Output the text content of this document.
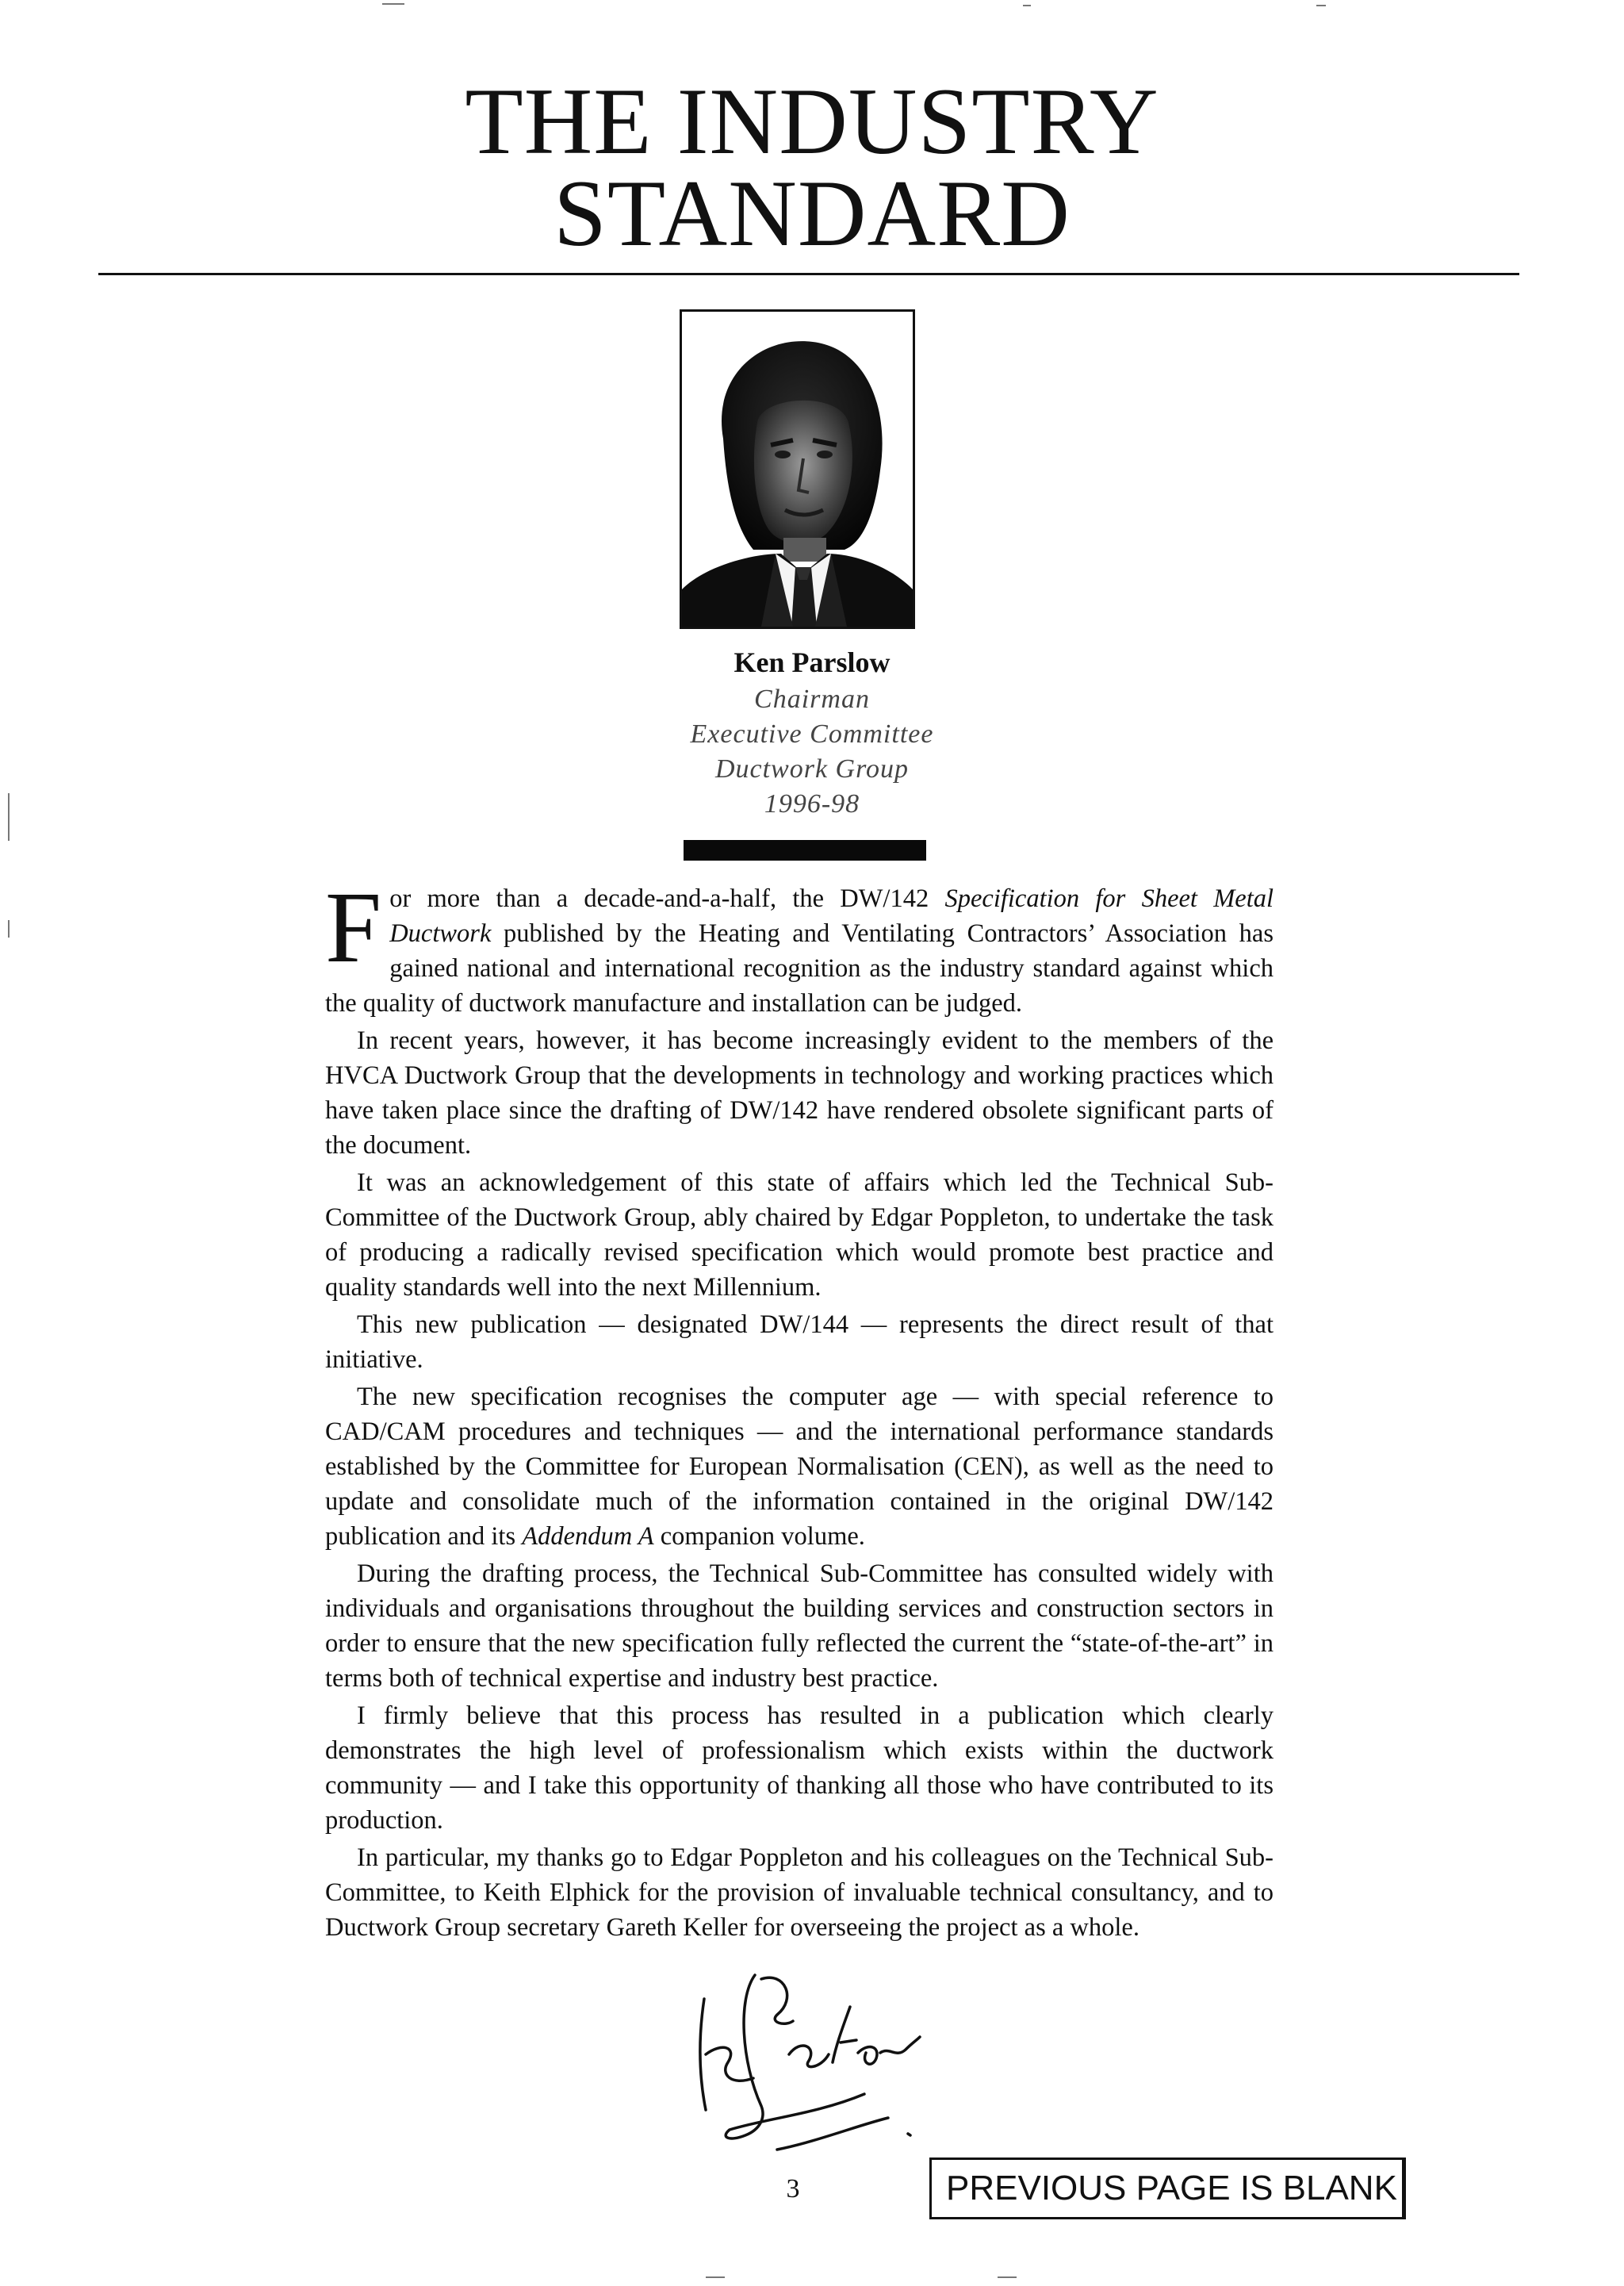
THE INDUSTRY
STANDARD
Ken Parslow
Chairman
Executive Committee
Ductwork Group
1996-98

For more than a decade-and-a-half, the DW/142 Specification for Sheet Metal Ductwork published by the Heating and Ventilating Contractors’ Association has gained national and international recognition as the industry standard against which the quality of ductwork manufacture and installation can be judged.

In recent years, however, it has become increasingly evident to the members of the HVCA Ductwork Group that the developments in technology and working practices which have taken place since the drafting of DW/142 have rendered obsolete significant parts of the document.

It was an acknowledgement of this state of affairs which led the Technical Sub-Committee of the Ductwork Group, ably chaired by Edgar Poppleton, to undertake the task of producing a radically revised specification which would promote best practice and quality standards well into the next Millennium.

This new publication — designated DW/144 — represents the direct result of that initiative.

The new specification recognises the computer age — with special reference to CAD/CAM procedures and techniques — and the international performance standards established by the Committee for European Normalisation (CEN), as well as the need to update and consolidate much of the information contained in the original DW/142 publication and its Addendum A companion volume.

During the drafting process, the Technical Sub-Committee has consulted widely with individuals and organisations throughout the building services and construction sectors in order to ensure that the new specification fully reflected the current the “state-of-the-art” in terms both of technical expertise and industry best practice.

I firmly believe that this process has resulted in a publication which clearly demonstrates the high level of professionalism which exists within the ductwork community — and I take this opportunity of thanking all those who have contributed to its production.

In particular, my thanks go to Edgar Poppleton and his colleagues on the Technical Sub-Committee, to Keith Elphick for the provision of invaluable technical consultancy, and to Ductwork Group secretary Gareth Keller for overseeing the project as a whole.

3	PREVIOUS PAGE IS BLANK
